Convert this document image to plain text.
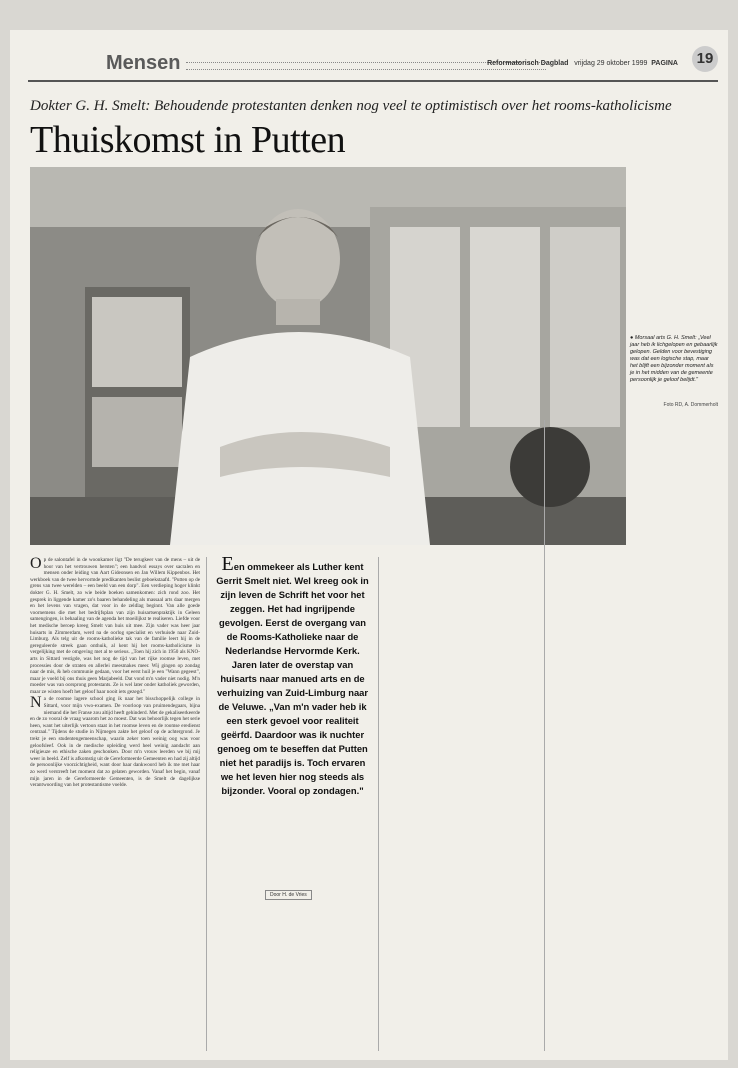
Mensen	Reformatorisch Dagblad vrijdag 29 oktober 1999 PAGINA	19
Dokter G. H. Smelt: Behoudende protestanten denken nog veel te optimistisch over het rooms-katholicisme
Thuiskomst in Putten
● Morsaal arts G. H. Smelt: „Veel jaar heb ik lichgelopen en gebaarlijk gelopen. Gelden voor bevestiging was dat een logische stap, maar het blijft een bijzonder moment als je in het midden van de gemeente persoonlijk je geloof belijdt."
Foto RD, A. Dommerholt

Op de salontafel in de woonkamer ligt "De terugkeer van de mens – uit de hoor van het vertrouwen hersten"; een handvol essays over sacralen en mensen onder leiding van Aart Gideonsen en Jan Willem Kippenbos. Het werkboek van de twee hervormde predikanten beslist geboekstaafd. "Putten op de grens van twee werelden – een beeld van een dorp". Een verdieping hoger klinkt dokter G. H. Smelt, zo wie beide boeken samenkomen: zich rond zoo. Het gesprek in liggende kamer zo's baaren behandeling als massaal arts daar mergen en het levens van vragen, dat voor in de zeldlag beginnt. Van alle goede voornemens die met het bedrijfsplan van zijn huisartsenpraktijk in Geleen samengingen, is behaaling van de agenda het moeilijkst te realiseren. Liefde voor het medische beroep kreeg Smelt van huis uit mee. Zijn vader was heer jaar huisarts in Zimmerdam, werd na de oorlog specialist en verhuisde naar Zuid-Limburg. Als telg uit de rooms-katholieke tak van de familie leert hij in de gereguleerde streek gaan onthuik, al kent hij het rooms-katholicisme in vergelijking met de omgeving met al te serieus. „Toen hij zich in 1950 als KNO-arts in Sittard vestigde, was het nog de tijd van het rijke roomse leven, met processies door de straten en allerlei meesmakes meer. Wij gingen op zondag naar de mis, & heb communie gedaan, voor het eerst huil je een "Wann gegeest", maar je voeld bij ons thuis geen Marjabeeld. Dat vond m'n vader niet nodig. M'n moeder was van oorsprong protestants. Ze is wel later onder katholiek geworden, maar ze wisten hoeft het geloof haar nooit iets gezegd."

Na de roomse lagere school ging ik naar het bisschoppelijk college in Sittard, voor mijn vwo-examen. De voorloop van pruimendegaars, bijna niemand die het Franse zou altijd heeft gehinderd. Met de gekaliseerkeerde en de zo vooral de vraag waarom het zo moest. Dat was behoorlijk tegen het serie heen, want het uiterlijk vertoon staat in het roomse leven en de roomse eredienst centraal." Tijdens de studie in Nijmegen zakte het geloof op de achtergrond. Je trekt je een studentengemeenschap, waarin zeker toen weinig oog was voor geloofsleef. Ook in de medische opleiding werd heel weinig aandacht aan religieuze en ethische zaken geschonken. Door m'n vrouw leerden we bij mij weer in beeld. Zelf is afkomstig uit de Gereformeerde Gemeenten en had zij altijd de persoonlijke voorzichtigheid, want door haar dankwoord heb ik me met haar zo werd verstreeft het moment dat zo gelaten geworden. Vanaf het begin, vanaf mijn jaren in de Gereformeerde Gemeenten, is de Smelt de dagelijkse verantwoording van het protestantisme voelde.

Een ommekeer als Luther kent Gerrit Smelt niet. Wel kreeg ook in zijn leven de Schrift het voor het zeggen. Het had ingrijpende gevolgen. Eerst de overgang van de Rooms-Katholieke naar de Nederlandse Hervormde Kerk. Jaren later de overstap van huisarts naar manued arts en de verhuizing van Zuid-Limburg naar de Veluwe. „Van m'n vader heb ik een sterk gevoel voor realiteit geërfd. Daardoor was ik nuchter genoeg om te beseffen dat Putten niet het paradijs is. Toch ervaren we het leven hier nog steeds als bijzonder. Vooral op zondagen."
Door H. de Vries
